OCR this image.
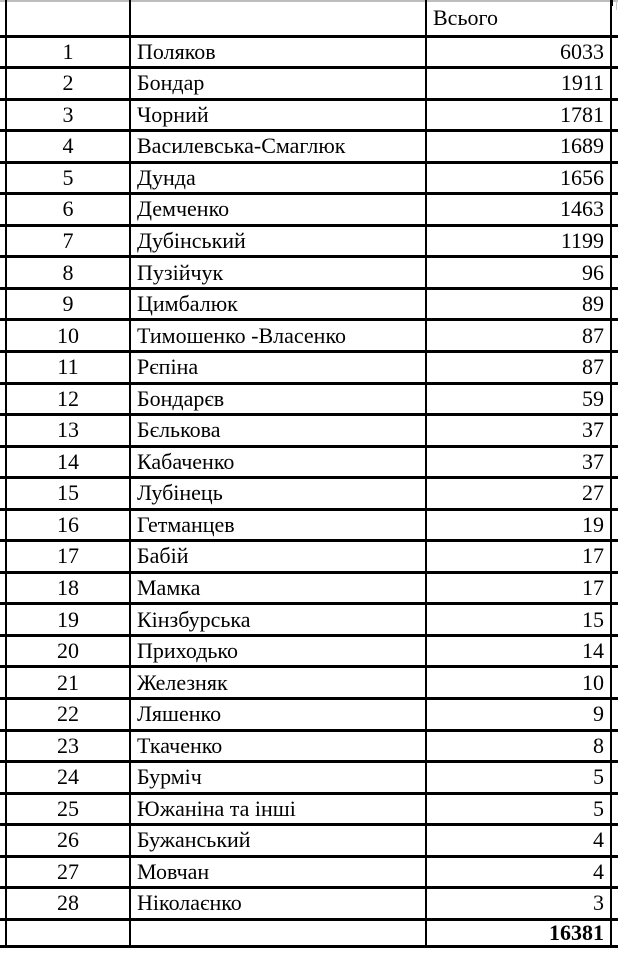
			Всього	
	1	Поляков	6033	
	2	Бондар	1911	
	3	Чорний	1781	
	4	Василевська-Смаглюк	1689	
	5	Дунда	1656	
	6	Демченко	1463	
	7	Дубінський	1199	
	8	Пузійчук	96	
	9	Цимбалюк	89	
	10	Тимошенко -Власенко	87	
	11	Рєпіна	87	
	12	Бондарєв	59	
	13	Бєлькова	37	
	14	Кабаченко	37	
	15	Лубінець	27	
	16	Гетманцев	19	
	17	Бабій	17	
	18	Мамка	17	
	19	Кінзбурська	15	
	20	Приходько	14	
	21	Железняк	10	
	22	Ляшенко	9	
	23	Ткаченко	8	
	24	Бурміч	5	
	25	Южаніна та інші	5	
	26	Бужанський	4	
	27	Мовчан	4	
	28	Ніколаєнко	3	
			16381	
